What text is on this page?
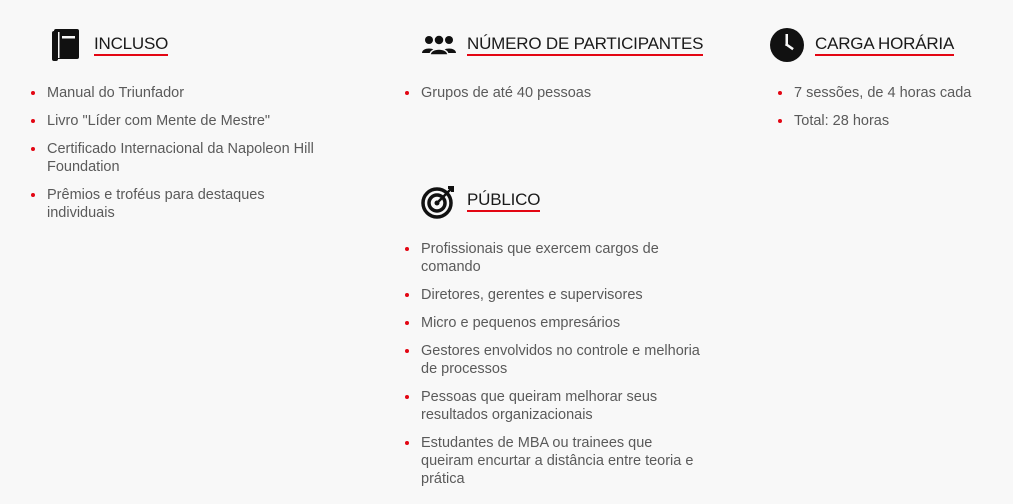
INCLUSO
Manual do Triunfador
Livro "Líder com Mente de Mestre"
Certificado Internacional da Napoleon Hill Foundation
Prêmios e troféus para destaques individuais
NÚMERO DE PARTICIPANTES
Grupos de até 40 pessoas
CARGA HORÁRIA
7 sessões, de 4 horas cada
Total: 28 horas
PÚBLICO
Profissionais que exercem cargos de comando
Diretores, gerentes e supervisores
Micro e pequenos empresários
Gestores envolvidos no controle e melhoria de processos
Pessoas que queiram melhorar seus resultados organizacionais
Estudantes de MBA ou trainees que queiram encurtar a distância entre teoria e prática
